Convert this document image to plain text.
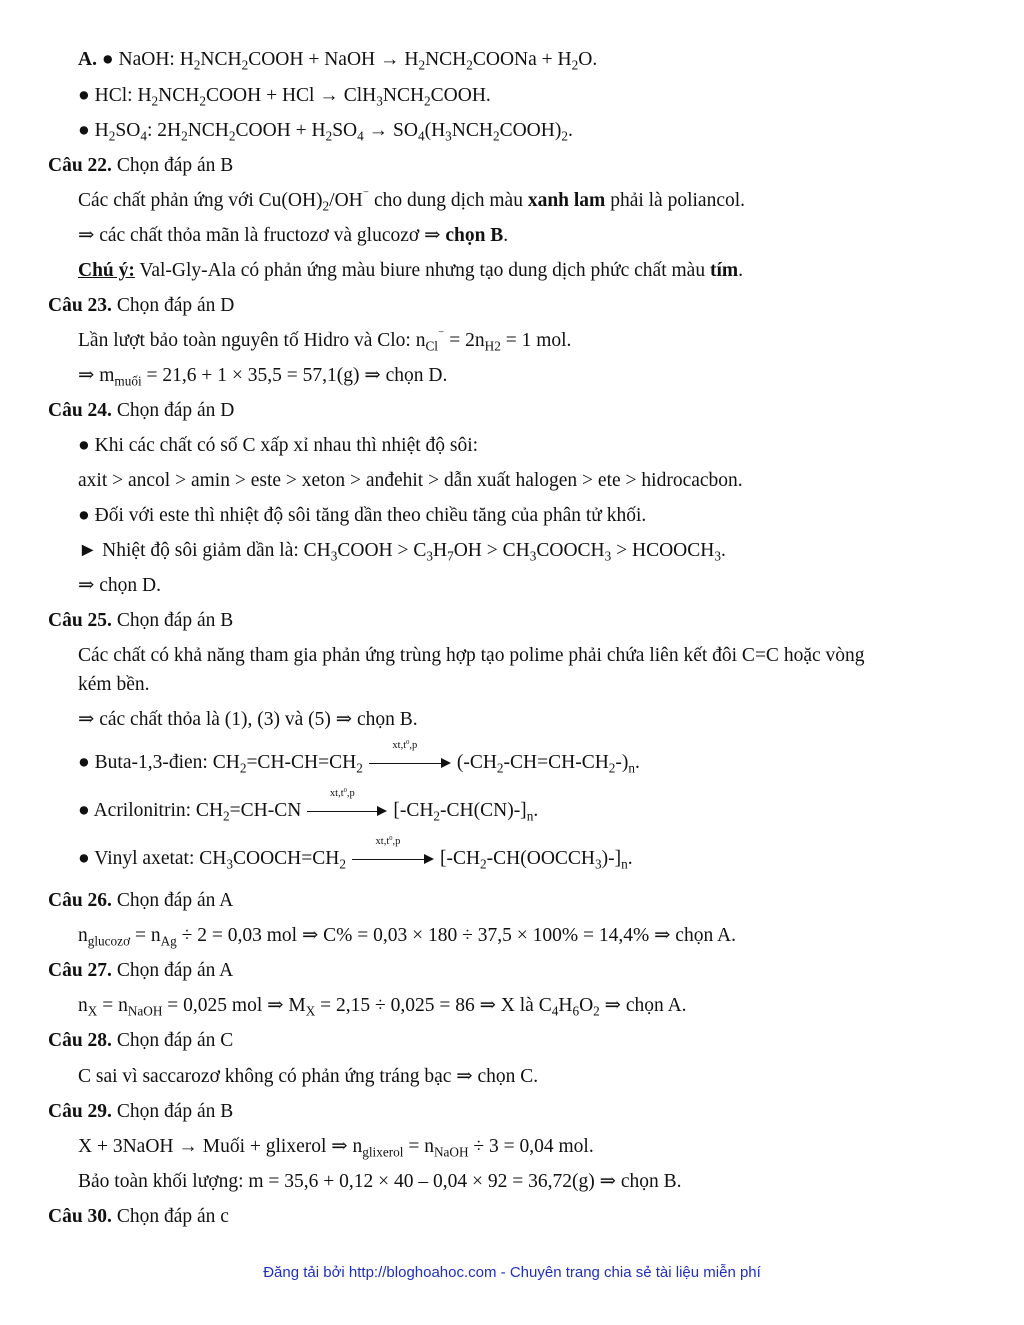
A. ● NaOH: $H_2NCH_2COOH$ + NaOH → $H_2NCH_2COONa + H_2O$.
● HCl: $H_2NCH_2COOH$ + HCl → $ClH_3NCH_2COOH$.
● $H_2SO_4$: $2H_2NCH_2COOH + H_2SO_4$ → $SO_4(H_3NCH_2COOH)_2$.
Câu 22. Chọn đáp án B
Các chất phản ứng với $Cu(OH)_2/OH^{^-}$ cho dung dịch màu xanh lam phải là poliancol.
⇒ các chất thỏa mãn là fructozơ và glucozơ ⇒ chọn B.
Chú ý: Val-Gly-Ala có phản ứng màu biure nhưng tạo dung dịch phức chất màu tím.
Câu 23. Chọn đáp án D
Lần lượt bảo toàn nguyên tố Hidro và Clo: $n_{Cl}^{^-} = 2n_{H2} = 1$ mol.
⇒ $m_{muối} = 21,6 + 1 \times 35,5 = 57,1(g)$ ⇒ chọn D.
Câu 24. Chọn đáp án D
● Khi các chất có số C xấp xỉ nhau thì nhiệt độ sôi:
axit > ancol > amin > este > xeton > anđehit > dẫn xuất halogen > ete > hidrocacbon.
● Đối với este thì nhiệt độ sôi tăng dần theo chiều tăng của phân tử khối.
► Nhiệt độ sôi giảm dần là: $CH_3COOH > C_3H_7OH$ > $CH_3COOCH_3$ > $HCOOCH_3$.
⇒ chọn D.
Câu 25. Chọn đáp án B
Các chất có khả năng tham gia phản ứng trùng hợp tạo polime phải chứa liên kết đôi C=C hoặc vòng
kém bền.
⇒ các chất thỏa là (1), (3) và (5) ⇒ chọn B.
● Buta-1,3-đien: $CH_2=CH-CH=CH_2$
$xt,t^0,p$
$(-CH_2-CH=CH-CH_2-)_n$.
● Acrilonitrin: $CH_2=CH-CN$
$xt,t^0,p$
$[-CH_2-CH(CN)-]_n$.
● Vinyl axetat: $CH_3COOCH=CH_2$
$xt,t^0,p$
$[-CH_2-CH(OOCCH_3)-]_n$.
Câu 26. Chọn đáp án A
$n_{glucozơ} = n_{Ag} \div 2 = 0,03$ mol ⇒ C% = 0,03 × 180 ÷ 37,5 × 100% = 14,4% ⇒ chọn A.
Câu 27. Chọn đáp án A
$n_X = n_{NaOH} = 0,025$ mol ⇒ $M_X = 2,15 \div 0,025 = 86$ ⇒ X là $C_4H_6O_2$ ⇒ chọn A.
Câu 28. Chọn đáp án C
C sai vì saccarozơ không có phản ứng tráng bạc ⇒ chọn C.
Câu 29. Chọn đáp án B
X + 3NaOH → Muối + glixerol ⇒ $n_{glixerol} = n_{NaOH} \div 3 = 0,04$ mol.
Bảo toàn khối lượng: m = 35,6 + 0,12 × 40 – 0,04 × 92 = 36,72(g) ⇒ chọn B.
Câu 30. Chọn đáp án c
Đăng tải bởi http://bloghoahoc.com - Chuyên trang chia sẻ tài liệu miễn phí
